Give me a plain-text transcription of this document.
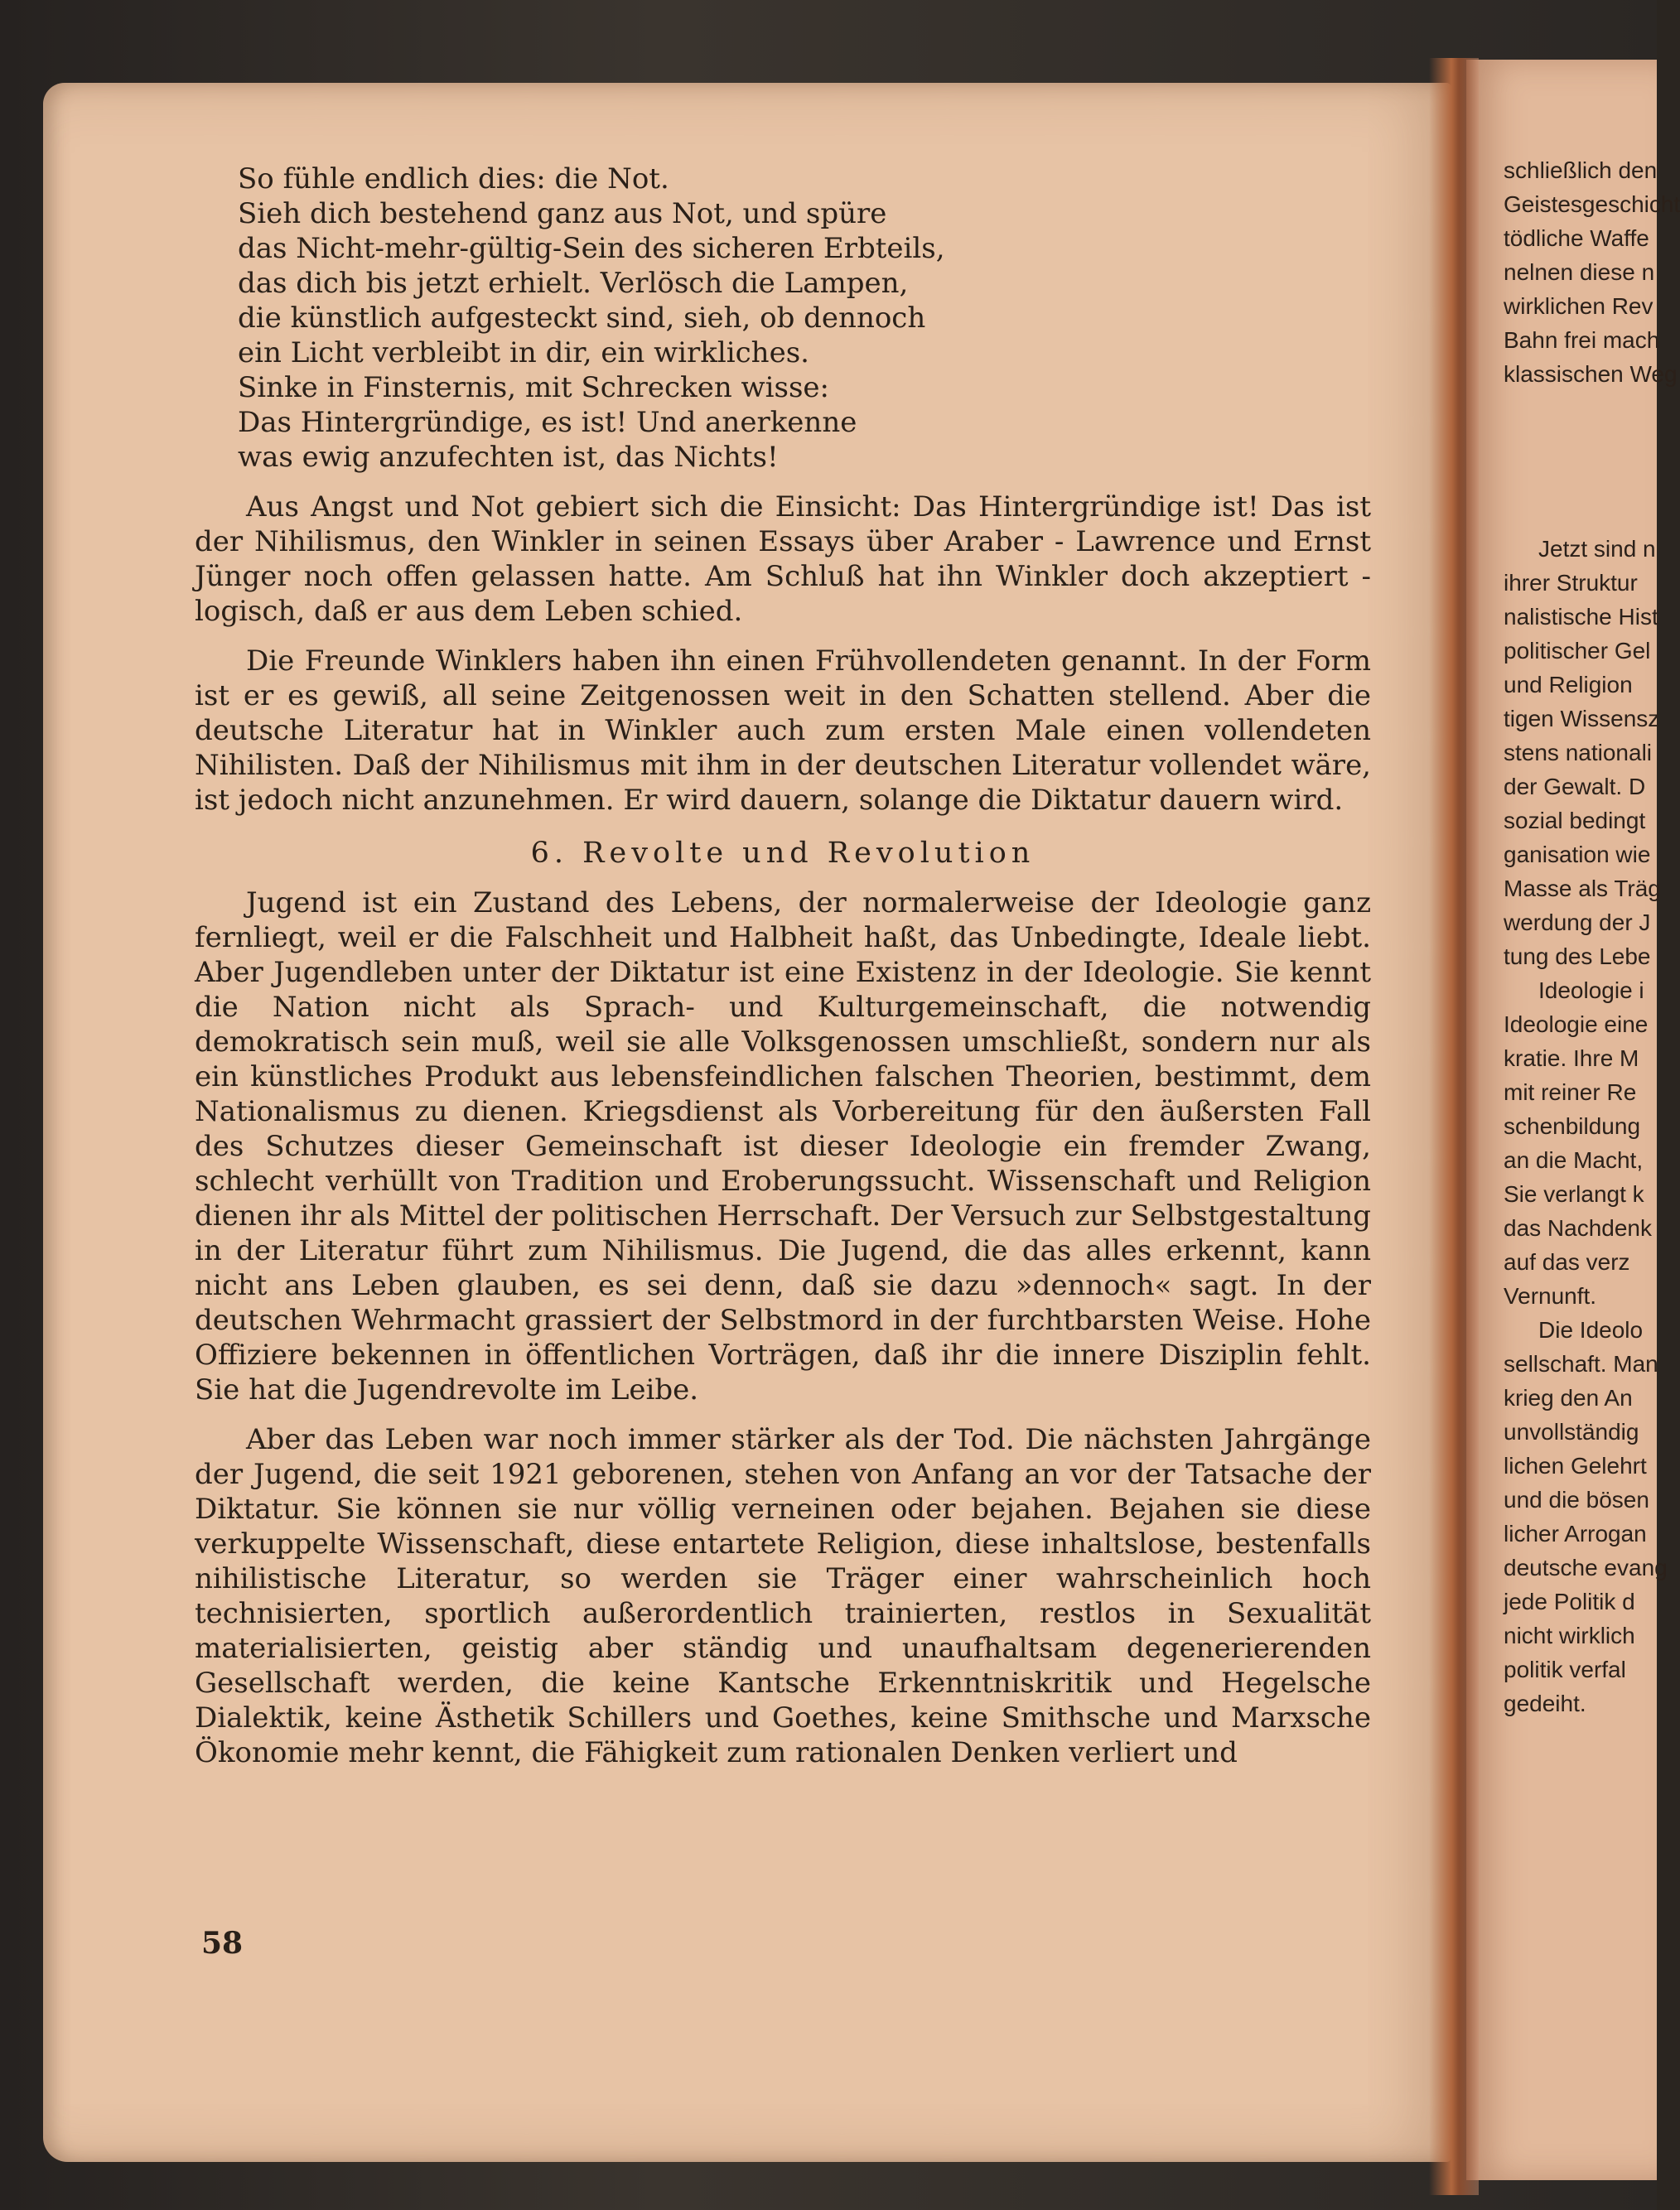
So fühle endlich dies: die Not.
Sieh dich bestehend ganz aus Not, und spüre
das Nicht-mehr-gültig-Sein des sicheren Erbteils,
das dich bis jetzt erhielt. Verlösch die Lampen,
die künstlich aufgesteckt sind, sieh, ob dennoch
ein Licht verbleibt in dir, ein wirkliches.
Sinke in Finsternis, mit Schrecken wisse:
Das Hintergründige, es ist! Und anerkenne
was ewig anzufechten ist, das Nichts!

Aus Angst und Not gebiert sich die Einsicht: Das Hintergründige ist! Das ist der Nihilismus, den Winkler in seinen Essays über Araber - Lawrence und Ernst Jünger noch offen gelassen hatte. Am Schluß hat ihn Winkler doch akzeptiert - logisch, daß er aus dem Leben schied.

Die Freunde Winklers haben ihn einen Frühvollendeten genannt. In der Form ist er es gewiß, all seine Zeitgenossen weit in den Schatten stellend. Aber die deutsche Literatur hat in Winkler auch zum ersten Male einen vollendeten Nihilisten. Daß der Nihilismus mit ihm in der deutschen Literatur vollendet wäre, ist jedoch nicht anzunehmen. Er wird dauern, solange die Diktatur dauern wird.

6. Revolte und Revolution

Jugend ist ein Zustand des Lebens, der normalerweise der Ideologie ganz fernliegt, weil er die Falschheit und Halbheit haßt, das Unbedingte, Ideale liebt. Aber Jugendleben unter der Diktatur ist eine Existenz in der Ideologie. Sie kennt die Nation nicht als Sprach- und Kulturgemeinschaft, die notwendig demokratisch sein muß, weil sie alle Volksgenossen umschließt, sondern nur als ein künstliches Produkt aus lebensfeindlichen falschen Theorien, bestimmt, dem Nationalismus zu dienen. Kriegsdienst als Vorbereitung für den äußersten Fall des Schutzes dieser Gemeinschaft ist dieser Ideologie ein fremder Zwang, schlecht verhüllt von Tradition und Eroberungssucht. Wissenschaft und Religion dienen ihr als Mittel der politischen Herrschaft. Der Versuch zur Selbstgestaltung in der Literatur führt zum Nihilismus. Die Jugend, die das alles erkennt, kann nicht ans Leben glauben, es sei denn, daß sie dazu »dennoch« sagt. In der deutschen Wehrmacht grassiert der Selbstmord in der furchtbarsten Weise. Hohe Offiziere bekennen in öffentlichen Vorträgen, daß ihr die innere Disziplin fehlt. Sie hat die Jugendrevolte im Leibe.

Aber das Leben war noch immer stärker als der Tod. Die nächsten Jahrgänge der Jugend, die seit 1921 geborenen, stehen von Anfang an vor der Tatsache der Diktatur. Sie können sie nur völlig verneinen oder bejahen. Bejahen sie diese verkuppelte Wissenschaft, diese entartete Religion, diese inhaltslose, bestenfalls nihilistische Literatur, so werden sie Träger einer wahrscheinlich hoch technisierten, sportlich außerordentlich trainierten, restlos in Sexualität materialisierten, geistig aber ständig und unaufhaltsam degenerierenden Gesellschaft werden, die keine Kantsche Erkenntniskritik und Hegelsche Dialektik, keine Ästhetik Schillers und Goethes, keine Smithsche und Marxsche Ökonomie mehr kennt, die Fähigkeit zum rationalen Denken verliert und

58
schließlich den
Geistesgeschicht
tödliche Waffe
nelnen diese n
wirklichen Rev
Bahn frei mach
klassischen Weg
Jetzt sind n
ihrer Struktur
nalistische Hist
politischer Gel
und Religion
tigen Wissensz
stens nationali
der Gewalt. D
sozial bedingt
ganisation wie
Masse als Träg
werdung der J
tung des Lebe
Ideologie i
Ideologie eine
kratie. Ihre M
mit reiner Re
schenbildung
an die Macht,
Sie verlangt k
das Nachdenk
auf das verz
Vernunft.
Die Ideolo
sellschaft. Man
krieg den An
unvollständig
lichen Gelehrt
und die bösen
licher Arrogan
deutsche evang
jede Politik d
nicht wirklich
politik verfal
gedeiht.
